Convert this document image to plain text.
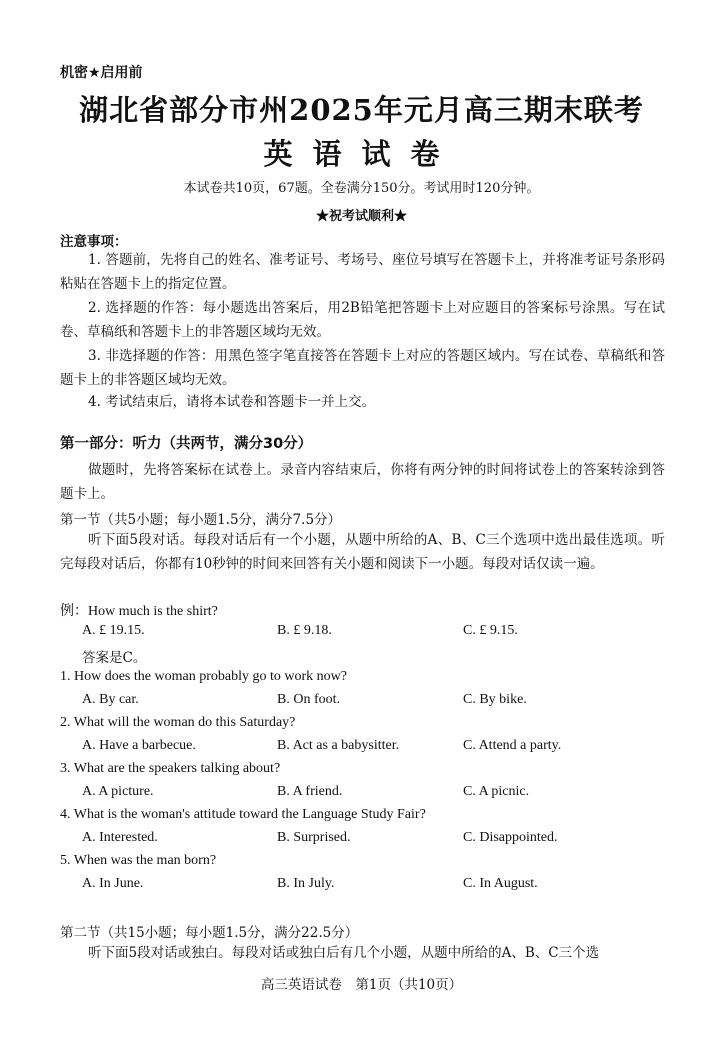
机密★启用前
湖北省部分市州2025年元月高三期末联考
英语试卷
本试卷共10页，67题。全卷满分150分。考试用时120分钟。
★祝考试顺利★
注意事项：
1. 答题前，先将自己的姓名、准考证号、考场号、座位号填写在答题卡上，并将准考证号条形码粘贴在答题卡上的指定位置。
2. 选择题的作答：每小题选出答案后，用2B铅笔把答题卡上对应题目的答案标号涂黑。写在试卷、草稿纸和答题卡上的非答题区域均无效。
3. 非选择题的作答：用黑色签字笔直接答在答题卡上对应的答题区域内。写在试卷、草稿纸和答题卡上的非答题区域均无效。
4. 考试结束后，请将本试卷和答题卡一并上交。
第一部分：听力（共两节，满分30分）
做题时，先将答案标在试卷上。录音内容结束后，你将有两分钟的时间将试卷上的答案转涂到答题卡上。
第一节（共5小题；每小题1.5分，满分7.5分）
听下面5段对话。每段对话后有一个小题，从题中所给的A、B、C三个选项中选出最佳选项。听完每段对话后，你都有10秒钟的时间来回答有关小题和阅读下一小题。每段对话仅读一遍。
例：How much is the shirt?
A. £ 19.15.	B. £ 9.18.	C. £ 9.15.
答案是C。
1. How does the woman probably go to work now?
A. By car.	B. On foot.	C. By bike.
2. What will the woman do this Saturday?
A. Have a barbecue.	B. Act as a babysitter.	C. Attend a party.
3. What are the speakers talking about?
A. A picture.	B. A friend.	C. A picnic.
4. What is the woman's attitude toward the Language Study Fair?
A. Interested.	B. Surprised.	C. Disappointed.
5. When was the man born?
A. In June.	B. In July.	C. In August.
第二节（共15小题；每小题1.5分，满分22.5分）
听下面5段对话或独白。每段对话或独白后有几个小题，从题中所给的A、B、C三个选
高三英语试卷　第1页（共10页）
